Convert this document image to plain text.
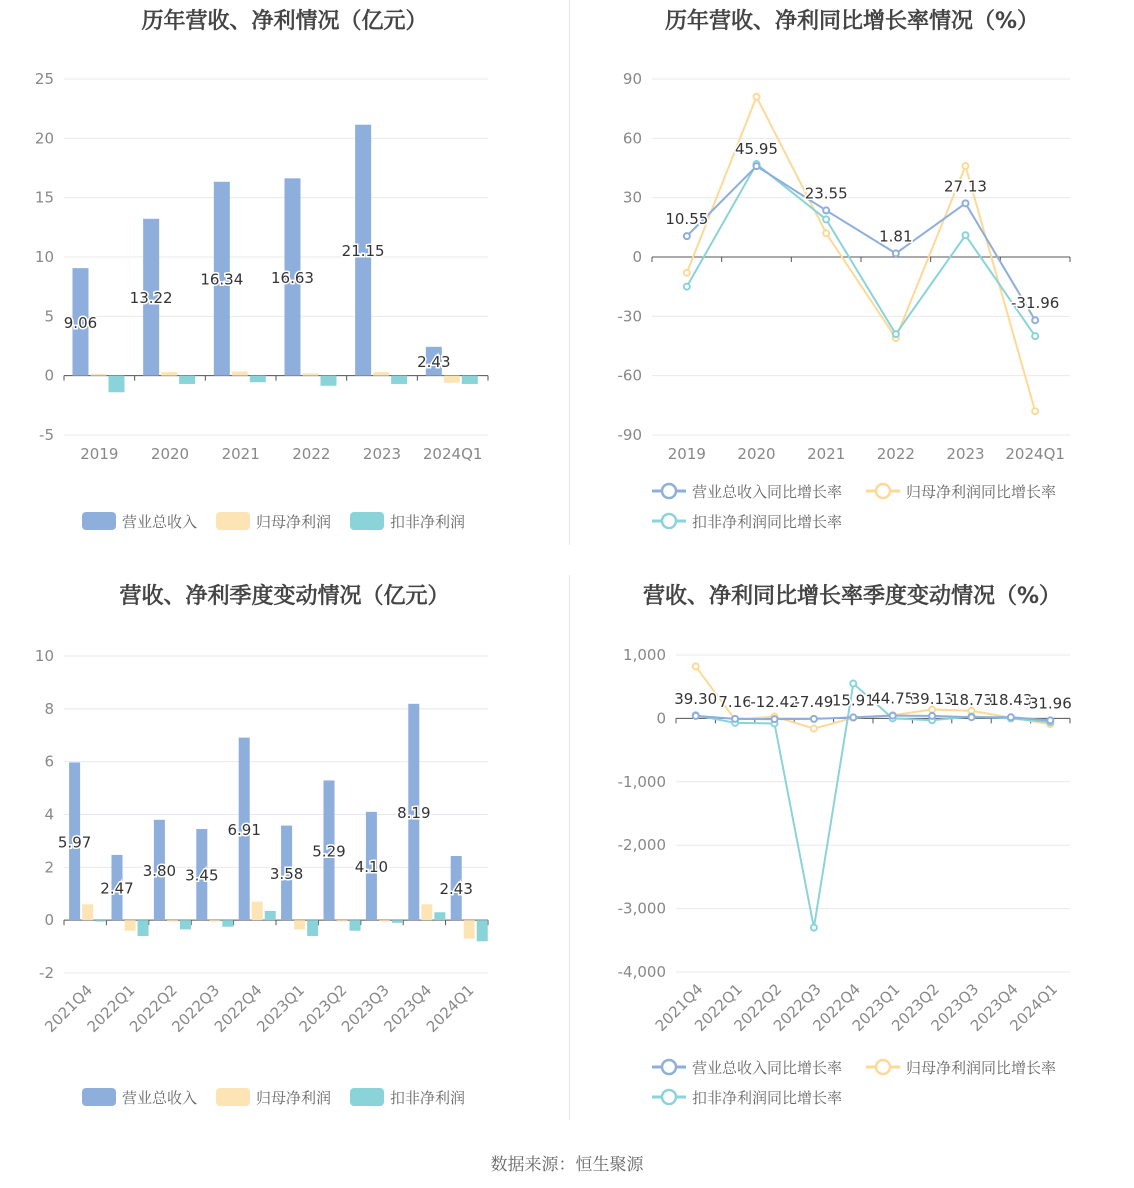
历年营收、净利情况（亿元）
25
20
15
10
5
0
-5
2019 2020 2021 2022 2023 2024Q1
9.06
13.22
16.34 16.63
21.15
2.43
营业总收入	归母净利润	扣非净利润
历年营收、净利同比增长率情况（%）
90
60
30
0
-30
-60
-90
2019 2020 2021 2022 2023 2024Q1
10.55
45.95
23.55
1.81
27.13
-31.96
营业总收入同比增长率	归母净利润同比增长率
扣非净利润同比增长率
营收、净利季度变动情况（亿元）
10
8
6
4
2
0
-2
2021Q4
2022Q1
2022Q2
2022Q3
2022Q4
2023Q1
2023Q2
2023Q3
2023Q4
2024Q1
5.97
2.47
3.80 3.45
6.91
3.58
5.29
4.10
8.19
2.43
营业总收入	归母净利润	扣非净利润
营收、净利同比增长率季度变动情况（%）
1,000
0
-1,000
-2,000
-3,000
-4,000
2021Q4
2022Q1
2022Q2
2022Q3
2022Q4
2023Q1
2023Q2
2023Q3
2023Q4
2024Q1
39.30 7.16
-12.42
-7.49
15.91
44.75
39.13
18.73
18.43
31.96
营业总收入同比增长率	归母净利润同比增长率
扣非净利润同比增长率
数据来源：恒生聚源
